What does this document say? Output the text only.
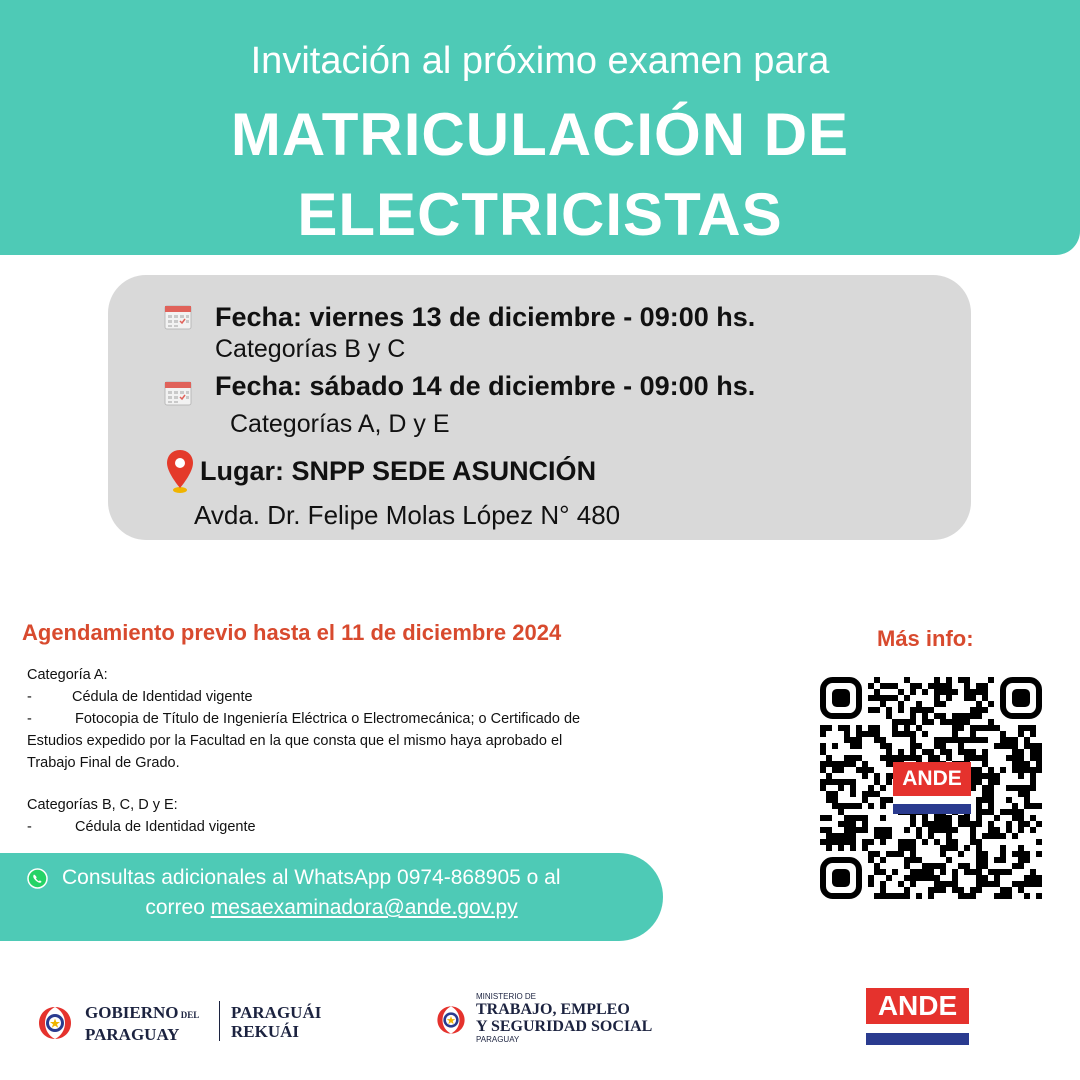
Invitación al próximo examen para
MATRICULACIÓN DE
ELECTRICISTAS
Fecha: viernes 13 de diciembre - 09:00 hs.
Categorías B y C
Fecha: sábado 14 de diciembre - 09:00 hs.
Categorías A, D y E
Lugar: SNPP SEDE ASUNCIÓN
Avda. Dr. Felipe Molas López N° 480
Agendamiento previo hasta el 11 de diciembre 2024	Más info:
Categoría A:
-	Cédula de Identidad vigente
-	Fotocopia de Título de Ingeniería Eléctrica o Electromecánica; o Certificado de
Estudios expedido por la Facultad en la que consta que el mismo haya aprobado el
Trabajo Final de Grado.
Categorías B, C, D y E:
-	Cédula de Identidad vigente
ANDE
Consultas adicionales al WhatsApp 0974-868905 o al
correo mesaexaminadora@ande.gov.py
GOBIERNO DEL
PARAGUAY
PARAGUÁI
REKUÁI
MINISTERIO DE
TRABAJO, EMPLEO
Y SEGURIDAD SOCIAL
PARAGUAY
ANDE
